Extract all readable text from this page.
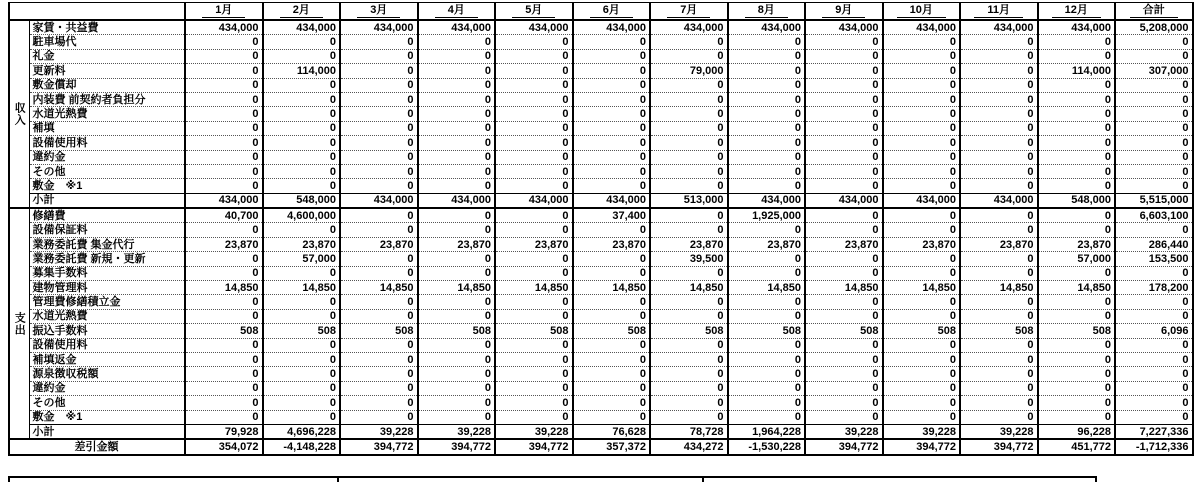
		1月	2月	3月	4月	5月	6月	7月	8月	9月	10月	11月	12月	合計
収入	家賃・共益費	434,000	434,000	434,000	434,000	434,000	434,000	434,000	434,000	434,000	434,000	434,000	434,000	5,208,000
	駐車場代	0	0	0	0	0	0	0	0	0	0	0	0	0
	礼金	0	0	0	0	0	0	0	0	0	0	0	0	0
	更新料	0	114,000	0	0	0	0	79,000	0	0	0	0	114,000	307,000
	敷金償却	0	0	0	0	0	0	0	0	0	0	0	0	0
	内装費 前契約者負担分	0	0	0	0	0	0	0	0	0	0	0	0	0
	水道光熱費	0	0	0	0	0	0	0	0	0	0	0	0	0
	補填	0	0	0	0	0	0	0	0	0	0	0	0	0
	設備使用料	0	0	0	0	0	0	0	0	0	0	0	0	0
	違約金	0	0	0	0	0	0	0	0	0	0	0	0	0
	その他	0	0	0	0	0	0	0	0	0	0	0	0	0
	敷金　※1	0	0	0	0	0	0	0	0	0	0	0	0	0
	小計	434,000	548,000	434,000	434,000	434,000	434,000	513,000	434,000	434,000	434,000	434,000	548,000	5,515,000
支出	修繕費	40,700	4,600,000	0	0	0	37,400	0	1,925,000	0	0	0	0	6,603,100
	設備保証料	0	0	0	0	0	0	0	0	0	0	0	0	0
	業務委託費 集金代行	23,870	23,870	23,870	23,870	23,870	23,870	23,870	23,870	23,870	23,870	23,870	23,870	286,440
	業務委託費 新規・更新	0	57,000	0	0	0	0	39,500	0	0	0	0	57,000	153,500
	募集手数料	0	0	0	0	0	0	0	0	0	0	0	0	0
	建物管理料	14,850	14,850	14,850	14,850	14,850	14,850	14,850	14,850	14,850	14,850	14,850	14,850	178,200
	管理費修繕積立金	0	0	0	0	0	0	0	0	0	0	0	0	0
	水道光熱費	0	0	0	0	0	0	0	0	0	0	0	0	0
	振込手数料	508	508	508	508	508	508	508	508	508	508	508	508	6,096
	設備使用料	0	0	0	0	0	0	0	0	0	0	0	0	0
	補填返金	0	0	0	0	0	0	0	0	0	0	0	0	0
	源泉徴収税額	0	0	0	0	0	0	0	0	0	0	0	0	0
	違約金	0	0	0	0	0	0	0	0	0	0	0	0	0
	その他	0	0	0	0	0	0	0	0	0	0	0	0	0
	敷金　※1	0	0	0	0	0	0	0	0	0	0	0	0	0
	小計	79,928	4,696,228	39,228	39,228	39,228	76,628	78,728	1,964,228	39,228	39,228	39,228	96,228	7,227,336
差引金額		354,072	-4,148,228	394,772	394,772	394,772	357,372	434,272	-1,530,228	394,772	394,772	394,772	451,772	-1,712,336
